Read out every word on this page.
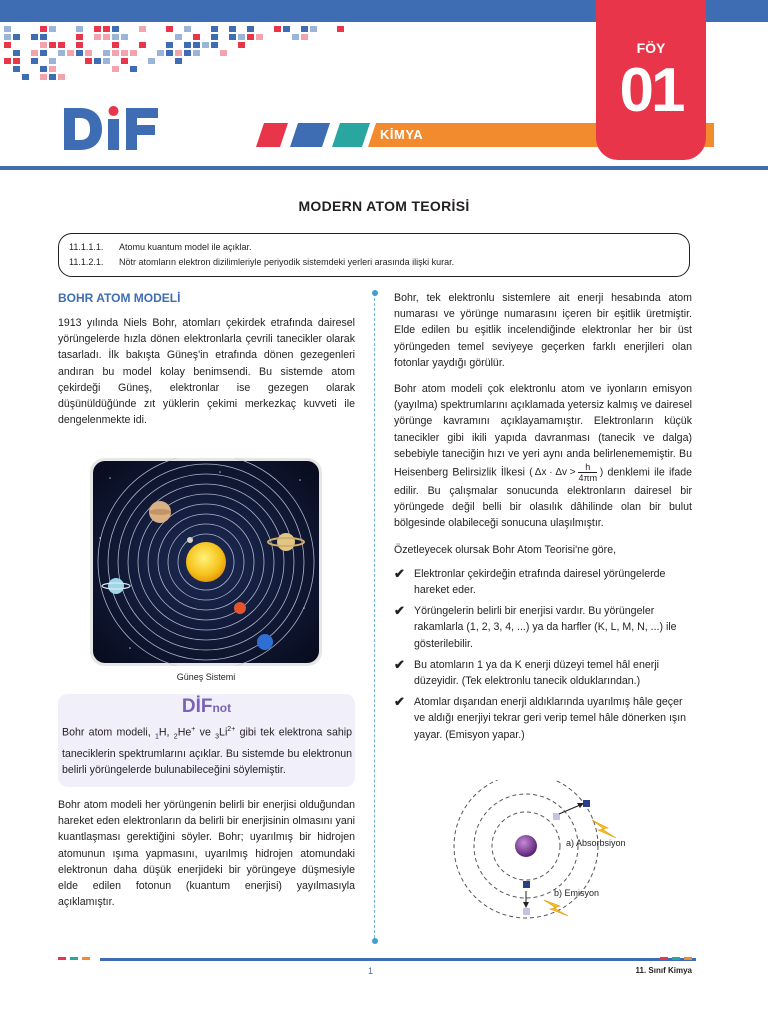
KİMYA
FÖY
01
MODERN ATOM TEORİSİ
11.1.1.1. Atomu kuantum model ile açıklar.
11.1.2.1. Nötr atomların elektron dizilimleriyle periyodik sistemdeki yerleri arasında ilişki kurar.
BOHR ATOM MODELİ

1913 yılında Niels Bohr, atomları çekirdek etrafında dairesel yörüngelerde hızla dönen elektronlarla çevrili tanecikler olarak tasarladı. İlk bakışta Güneş'in etrafında dönen gezegenleri andıran bu model kolay benimsendi. Bu sistemde atom çekirdeği Güneş, elektronlar ise gezegen olarak düşünüldüğünde zıt yüklerin çekimi merkezkaç kuvveti ile dengelenmekte idi.

Güneş Sistemi
DİFnot
Bohr atom modeli, $_1$H, $_2$He+ ve $_3Li^{2+}$ gibi tek elektrona sahip taneciklerin spektrumlarını açıklar. Bu sistemde bu elektronun belirli yörüngelerde bulunabileceğini söylemiştir.

Bohr atom modeli her yörüngenin belirli bir enerjisi olduğundan hareket eden elektronların da belirli bir enerjisinin olmasını yani kuantlaşması gerektiğini söyler. Bohr; uyarılmış bir hidrojen atomunun ışıma yapmasını, uyarılmış hidrojen atomundaki elektronun daha düşük enerjideki bir yörüngeye düşmesiyle elde edilen fotonun (kuantum enerjisi) yayılmasıyla açıklamıştır.

Bohr, tek elektronlu sistemlere ait enerji hesabında atom numarası ve yörünge numarasını içeren bir eşitlik üretmiştir. Elde edilen bu eşitlik incelendiğinde elektronlar her bir üst yörüngeden temel seviyeye geçerken farklı enerjileri olan fotonlar yaydığı görülür.

Bohr atom modeli çok elektronlu atom ve iyonların emisyon (yayılma) spektrumlarını açıklamada yetersiz kalmış ve dairesel yörünge kavramını açıklayamamıştır. Elektronların küçük tanecikler gibi ikili yapıda davranması (tanecik ve dalga) sebebiyle taneciğin hızı ve yeri aynı anda belirlenememiştir. Bu Heisenberg Belirsizlik İlkesi ( $\Delta x \cdot \Delta v > \frac{h}{4\pi m}$ ) denklemi ile ifade edilir. Bu çalışmalar sonucunda elektronların dairesel bir yörüngede değil belli bir olasılık dâhilinde olan bir bulut bölgesinde olabileceği sonucuna ulaşılmıştır.

Özetleyecek olursak Bohr Atom Teorisi'ne göre,

✔ Elektronlar çekirdeğin etrafında dairesel yörüngelerde hareket eder.
✔ Yörüngelerin belirli bir enerjisi vardır. Bu yörüngeler rakamlarla (1, 2, 3, 4, ...) ya da harfler (K, L, M, N, ...) ile gösterilebilir.
✔ Bu atomların 1 ya da K enerji düzeyi temel hâl enerji düzeyidir. (Tek elektronlu tanecik olduklarından.)
✔ Atomlar dışarıdan enerji aldıklarında uyarılmış hâle geçer ve aldığı enerjiyi tekrar geri verip temel hâle dönerken ışın yayar. (Emisyon yapar.)
a) Absorbsiyon
b) Emisyon
1	11. Sınıf Kimya
